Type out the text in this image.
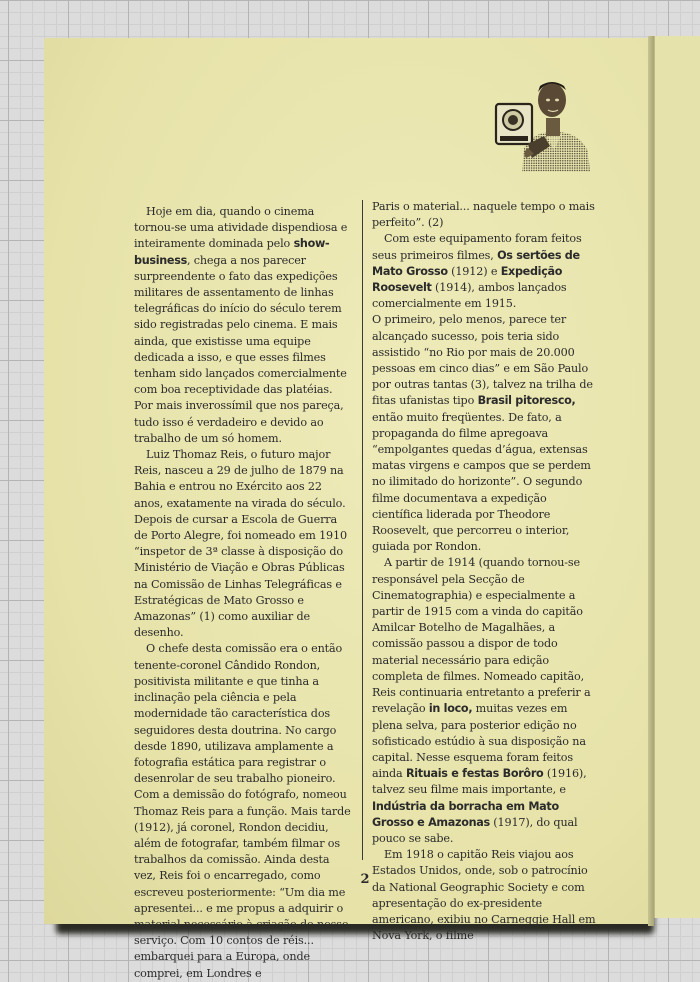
Hoje em dia, quando o cinema tornou-se uma atividade dispendiosa e inteiramente dominada pelo show-business, chega a nos parecer surpreendente o fato das expedições militares de assentamento de linhas telegráficas do início do século terem sido registradas pelo cinema. E mais ainda, que existisse uma equipe dedicada a isso, e que esses filmes tenham sido lançados comercialmente com boa receptividade das platéias. Por mais inverossímil que nos pareça, tudo isso é verdadeiro e devido ao trabalho de um só homem.

Luiz Thomaz Reis, o futuro major Reis, nasceu a 29 de julho de 1879 na Bahia e entrou no Exército aos 22 anos, exatamente na virada do século. Depois de cursar a Escola de Guerra de Porto Alegre, foi nomeado em 1910 “inspetor de 3ª classe à disposição do Ministério de Viação e Obras Públicas na Comissão de Linhas Telegráficas e Estratégicas de Mato Grosso e Amazonas” (1) como auxiliar de desenho.

O chefe desta comissão era o então tenente-coronel Cândido Rondon, positivista militante e que tinha a inclinação pela ciência e pela modernidade tão característica dos seguidores desta doutrina. No cargo desde 1890, utilizava amplamente a fotografia estática para registrar o desenrolar de seu trabalho pioneiro. Com a demissão do fotógrafo, nomeou Thomaz Reis para a função. Mais tarde (1912), já coronel, Rondon decidiu, além de fotografar, também filmar os trabalhos da comissão. Ainda desta vez, Reis foi o encarregado, como escreveu posteriormente: “Um dia me apresentei... e me propus a adquirir o material necessário à criação do nosso serviço. Com 10 contos de réis... embarquei para a Europa, onde comprei, em Londres e

Paris o material... naquele tempo o mais perfeito”. (2)

Com este equipamento foram feitos seus primeiros filmes, Os sertões de Mato Grosso (1912) e Expedição Roosevelt (1914), ambos lançados comercialmente em 1915.

O primeiro, pelo menos, parece ter alcançado sucesso, pois teria sido assistido “no Rio por mais de 20.000 pessoas em cinco dias” e em São Paulo por outras tantas (3), talvez na trilha de fitas ufanistas tipo Brasil pitoresco, então muito freqüentes. De fato, a propaganda do filme apregoava “empolgantes quedas d’água, extensas matas virgens e campos que se perdem no ilimitado do horizonte”. O segundo filme documentava a expedição científica liderada por Theodore Roosevelt, que percorreu o interior, guiada por Rondon.

A partir de 1914 (quando tornou-se responsável pela Secção de Cinematographia) e especialmente a partir de 1915 com a vinda do capitão Amilcar Botelho de Magalhães, a comissão passou a dispor de todo material necessário para edição completa de filmes. Nomeado capitão, Reis continuaria entretanto a preferir a revelação in loco, muitas vezes em plena selva, para posterior edição no sofisticado estúdio à sua disposição na capital. Nesse esquema foram feitos ainda Rituais e festas Borôro (1916), talvez seu filme mais importante, e Indústria da borracha em Mato Grosso e Amazonas (1917), do qual pouco se sabe.

Em 1918 o capitão Reis viajou aos Estados Unidos, onde, sob o patrocínio da National Geographic Society e com apresentação do ex-presidente americano, exibiu no Carneggie Hall em Nova York, o filme

2
